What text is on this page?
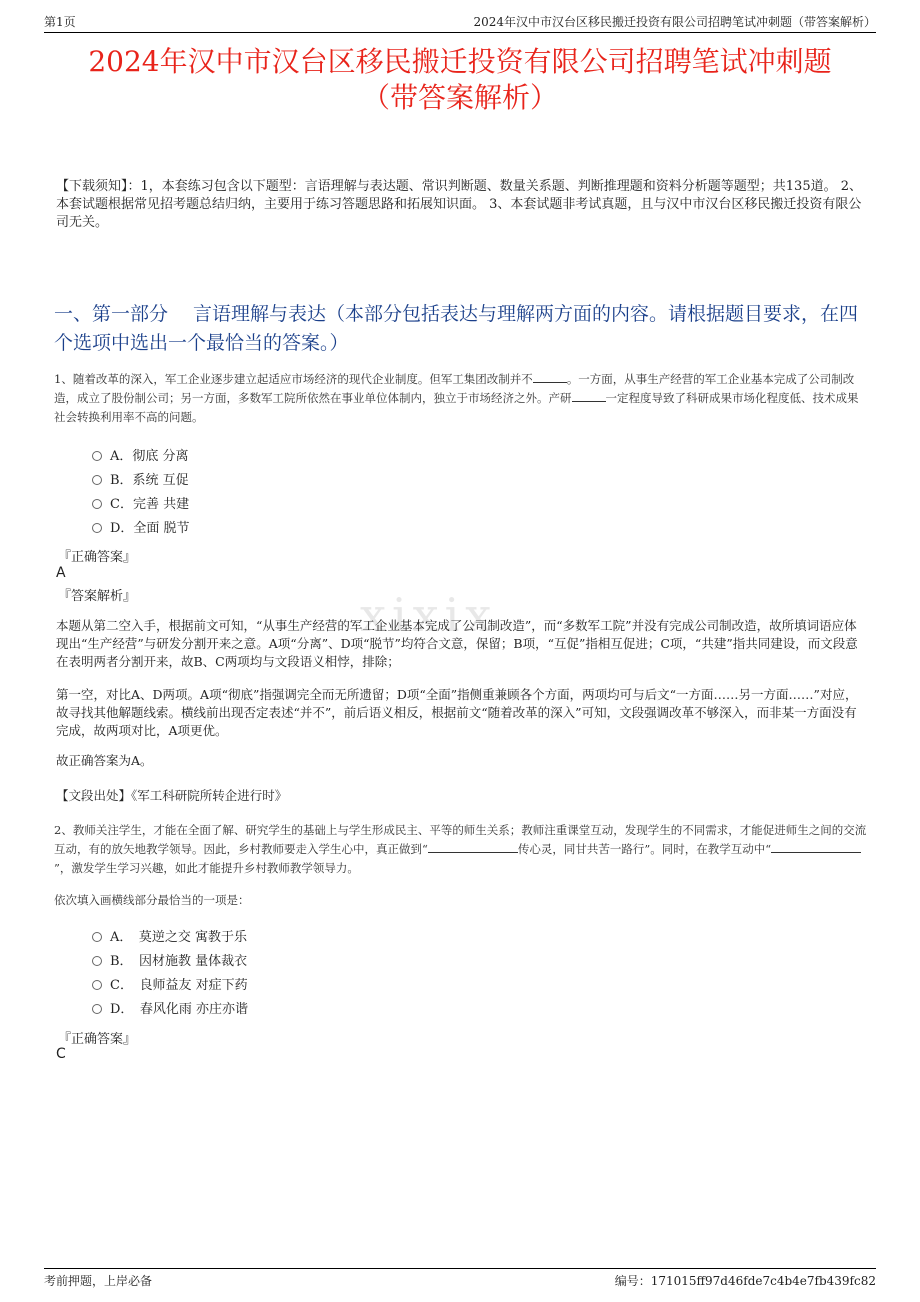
第1页	2024年汉中市汉台区移民搬迁投资有限公司招聘笔试冲刺题（带答案解析）
xixix
2024年汉中市汉台区移民搬迁投资有限公司招聘笔试冲刺题
（带答案解析）
【下载须知】：1，本套练习包含以下题型：言语理解与表达题、常识判断题、数量关系题、判断推理题和资料分析题等题型；共135道。 2、本套试题根据常见招考题总结归纳，主要用于练习答题思路和拓展知识面。 3、本套试题非考试真题，且与汉中市汉台区移民搬迁投资有限公司无关。
一、第一部分　 言语理解与表达（本部分包括表达与理解两方面的内容。请根据题目要求，在四个选项中选出一个最恰当的答案。）
1、随着改革的深入，军工企业逐步建立起适应市场经济的现代企业制度。但军工集团改制并不	。一方面，从事生产经营的军工企业基本完成了公司制改造，成立了股份制公司；另一方面，多数军工院所依然在事业单位体制内，独立于市场经济之外。产研	一定程度导致了科研成果市场化程度低、技术成果社会转换利用率不高的问题。
A．彻底 分离
B．系统 互促
C．完善 共建
D．全面 脱节
『正确答案』
A
『答案解析』
本题从第二空入手，根据前文可知，“从事生产经营的军工企业基本完成了公司制改造”，而“多数军工院”并没有完成公司制改造，故所填词语应体现出“生产经营”与研发分割开来之意。A项“分离”、D项“脱节”均符合文意，保留；B项，“互促”指相互促进；C项，“共建”指共同建设，而文段意在表明两者分割开来，故B、C两项均与文段语义相悖，排除；
第一空，对比A、D两项。A项“彻底”指强调完全而无所遗留；D项“全面”指侧重兼顾各个方面，两项均可与后文“一方面……另一方面……”对应，故寻找其他解题线索。横线前出现否定表述“并不”，前后语义相反，根据前文“随着改革的深入”可知，文段强调改革不够深入，而非某一方面没有完成，故两项对比，A项更优。
故正确答案为A。
【文段出处】《军工科研院所转企进行时》
2、教师关注学生，才能在全面了解、研究学生的基础上与学生形成民主、平等的师生关系；教师注重课堂互动，发现学生的不同需求，才能促进师生之间的交流互动，有的放矢地教学领导。因此，乡村教师要走入学生心中，真正做到“	传心灵，同甘共苦一路行”。同时，在教学互动中“”，激发学生学习兴趣，如此才能提升乡村教师教学领导力。
依次填入画横线部分最恰当的一项是：
A．　莫逆之交 寓教于乐
B．　因材施教 量体裁衣
C．　良师益友 对症下药
D．　春风化雨 亦庄亦谐
『正确答案』
C
考前押题，上岸必备	编号：171015ff97d46fde7c4b4e7fb439fc82
